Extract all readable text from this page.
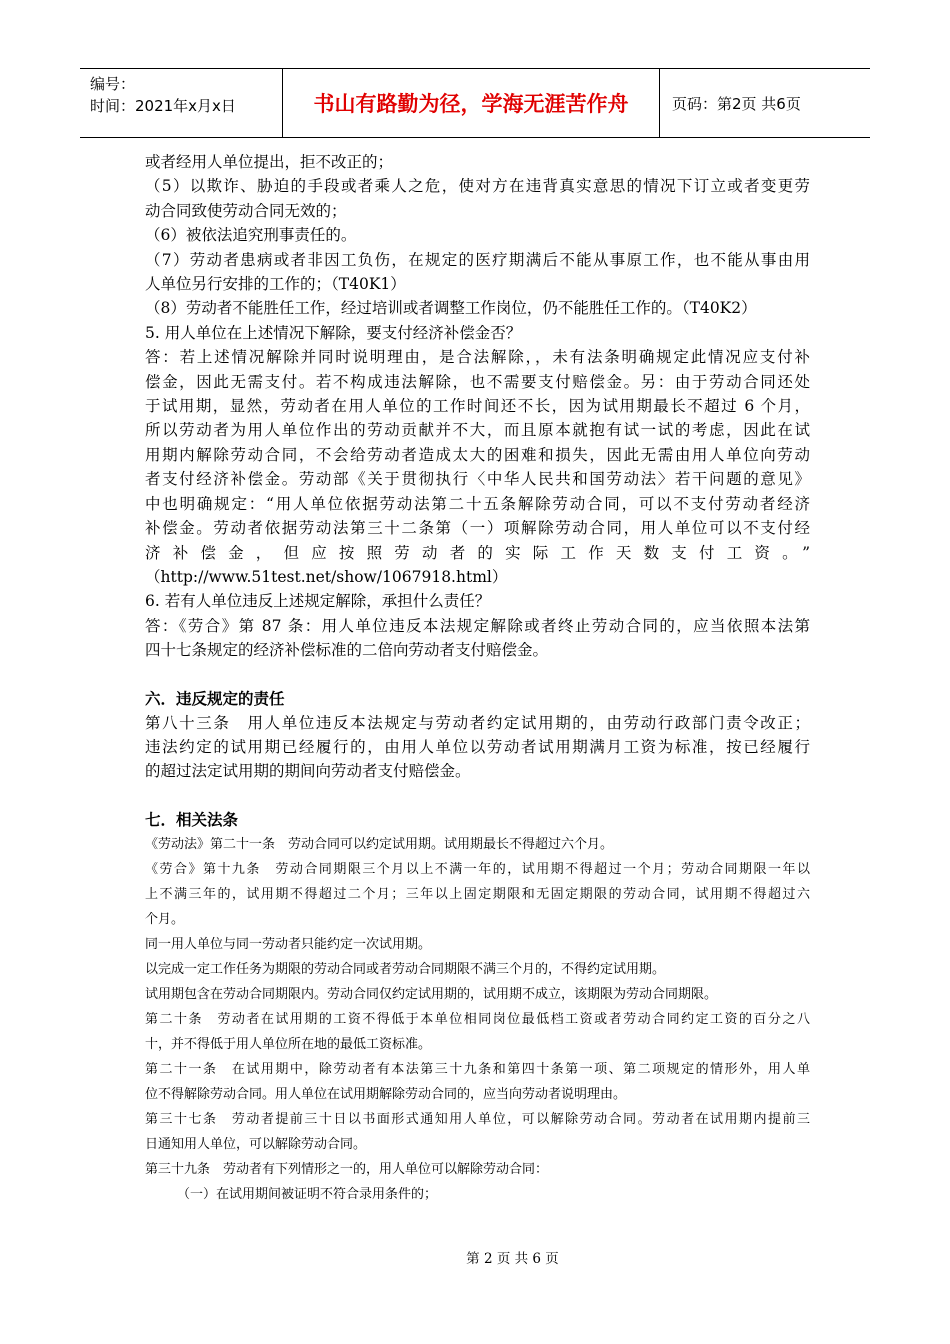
编号：
时间：2021年x月x日	书山有路勤为径，学海无涯苦作舟	页码：第2页 共6页

或者经用人单位提出，拒不改正的；

（5）以欺诈、胁迫的手段或者乘人之危，使对方在违背真实意思的情况下订立或者变更劳

动合同致使劳动合同无效的；

（6）被依法追究刑事责任的。

（7）劳动者患病或者非因工负伤，在规定的医疗期满后不能从事原工作，也不能从事由用

人单位另行安排的工作的；（T40K1）

（8）劳动者不能胜任工作，经过培训或者调整工作岗位，仍不能胜任工作的。（T40K2）

5. 用人单位在上述情况下解除，要支付经济补偿金否？

答：若上述情况解除并同时说明理由，是合法解除，，未有法条明确规定此情况应支付补

偿金，因此无需支付。若不构成违法解除，也不需要支付赔偿金。另：由于劳动合同还处

于试用期，显然，劳动者在用人单位的工作时间还不长，因为试用期最长不超过 6 个月，

所以劳动者为用人单位作出的劳动贡献并不大，而且原本就抱有试一试的考虑，因此在试

用期内解除劳动合同，不会给劳动者造成太大的困难和损失，因此无需由用人单位向劳动

者支付经济补偿金。劳动部《关于贯彻执行〈中华人民共和国劳动法〉若干问题的意见》

中也明确规定：“用人单位依据劳动法第二十五条解除劳动合同，可以不支付劳动者经济

补偿金。劳动者依据劳动法第三十二条第（一）项解除劳动合同，用人单位可以不支付经

济补偿金，但应按照劳动者的实际工作天数支付工资。”

（http://www.51test.net/show/1067918.html）

6. 若有人单位违反上述规定解除，承担什么责任？

答：《劳合》第 87 条：用人单位违反本法规定解除或者终止劳动合同的，应当依照本法第

四十七条规定的经济补偿标准的二倍向劳动者支付赔偿金。

六．违反规定的责任

第八十三条　用人单位违反本法规定与劳动者约定试用期的，由劳动行政部门责令改正；

违法约定的试用期已经履行的，由用人单位以劳动者试用期满月工资为标准，按已经履行

的超过法定试用期的期间向劳动者支付赔偿金。

七．相关法条

《劳动法》第二十一条　劳动合同可以约定试用期。试用期最长不得超过六个月。

《劳合》第十九条　劳动合同期限三个月以上不满一年的，试用期不得超过一个月；劳动合同期限一年以

上不满三年的，试用期不得超过二个月；三年以上固定期限和无固定期限的劳动合同，试用期不得超过六

个月。

同一用人单位与同一劳动者只能约定一次试用期。

以完成一定工作任务为期限的劳动合同或者劳动合同期限不满三个月的，不得约定试用期。

试用期包含在劳动合同期限内。劳动合同仅约定试用期的，试用期不成立，该期限为劳动合同期限。

第二十条　劳动者在试用期的工资不得低于本单位相同岗位最低档工资或者劳动合同约定工资的百分之八

十，并不得低于用人单位所在地的最低工资标准。

第二十一条　在试用期中，除劳动者有本法第三十九条和第四十条第一项、第二项规定的情形外，用人单

位不得解除劳动合同。用人单位在试用期解除劳动合同的，应当向劳动者说明理由。

第三十七条　劳动者提前三十日以书面形式通知用人单位，可以解除劳动合同。劳动者在试用期内提前三

日通知用人单位，可以解除劳动合同。

第三十九条　劳动者有下列情形之一的，用人单位可以解除劳动合同：

（一）在试用期间被证明不符合录用条件的；

第 2 页 共 6 页
